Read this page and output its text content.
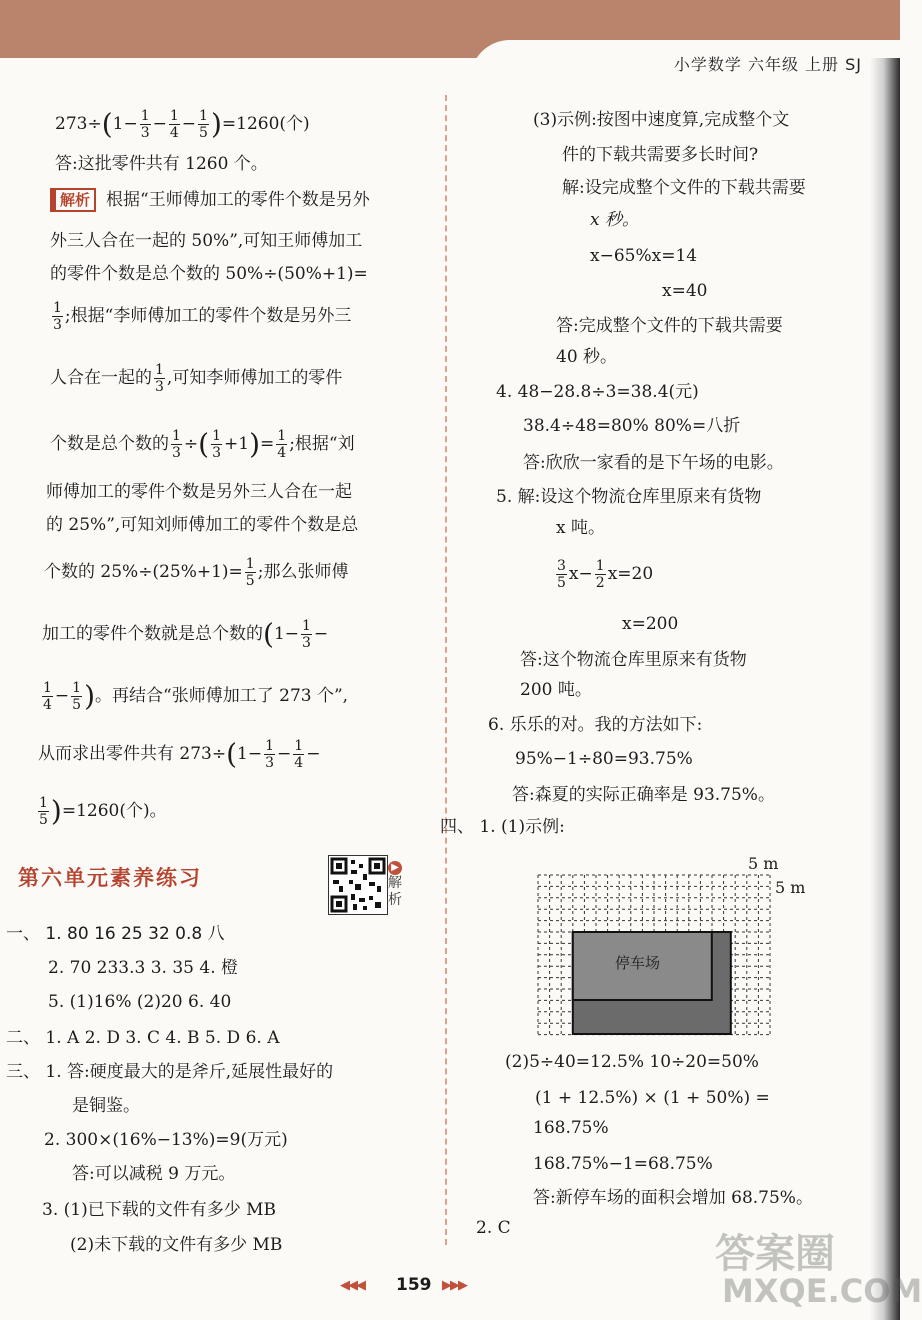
小学数学 六年级 上册 SJ
$273\div(1- \frac{1}{3} - \frac{1}{4} - \frac{1}{5} )=1260$(个)
答:这批零件共有 1260 个。
解析 根据“王师傅加工的零件个数是另外
外三人合在一起的 50%”,可知王师傅加工
的零件个数是总个数的 50%÷(50%+1)=
$\frac{1}{3}$ ;根据“李师傅加工的零件个数是另外三
人合在一起的 $\frac{1}{3}$ ,可知李师傅加工的零件
个数是总个数的 $\frac{1}{3}$ ÷( $\frac{1}{3} +1)= \frac{1}{4}$ ;根据“刘
师傅加工的零件个数是另外三人合在一起
的 25%”,可知刘师傅加工的零件个数是总
个数的 $25\%\div(25\%+1)= \frac{1}{5}$ ;那么张师傅
加工的零件个数就是总个数的($1- \frac{1}{3}$ −
$\frac{1}{4} - \frac{1}{5}$ )。再结合“张师傅加工了 273 个”,
从而求出零件共有 $273\div(1- \frac{1}{3} - \frac{1}{4}$ −
$\frac{1}{5} )=1260$(个)。
第六单元素养练习	▶
解析
一、 1. 80 16 25 32 0.8 八
2. 70 233.3 3. 35 4. 橙
5. (1)16% (2)20 6. 40
二、 1. A 2. D 3. C 4. B 5. D 6. A
三、 1. 答:硬度最大的是斧斤,延展性最好的
是铜鉴。
2. 300×(16%−13%)=9(万元)
答:可以减税 9 万元。
3. (1)已下载的文件有多少 MB
(2)未下载的文件有多少 MB
(3)示例:按图中速度算,完成整个文
件的下载共需要多长时间?
解:设完成整个文件的下载共需要
x 秒。
x−65%x=14
x=40
答:完成整个文件的下载共需要
40 秒。
4. 48−28.8÷3=38.4(元)
38.4÷48=80% 80%=八折
答:欣欣一家看的是下午场的电影。
5. 解:设这个物流仓库里原来有货物
x 吨。
$\frac{3}{5} x- \frac{1}{2} x=20$
x=200
答:这个物流仓库里原来有货物
200 吨。
6. 乐乐的对。我的方法如下:
95%−1÷80=93.75%
答:森夏的实际正确率是 93.75%。
四、 1. (1)示例:
5 m
5 m
停车场
(2)5÷40=12.5% 10÷20=50%
(1 + 12.5%) × (1 + 50%) =
168.75%
168.75%−1=68.75%
答:新停车场的面积会增加 68.75%。
2. C
◀◀◀ 159 ▶▶▶
答案圈
MXQE.COM
